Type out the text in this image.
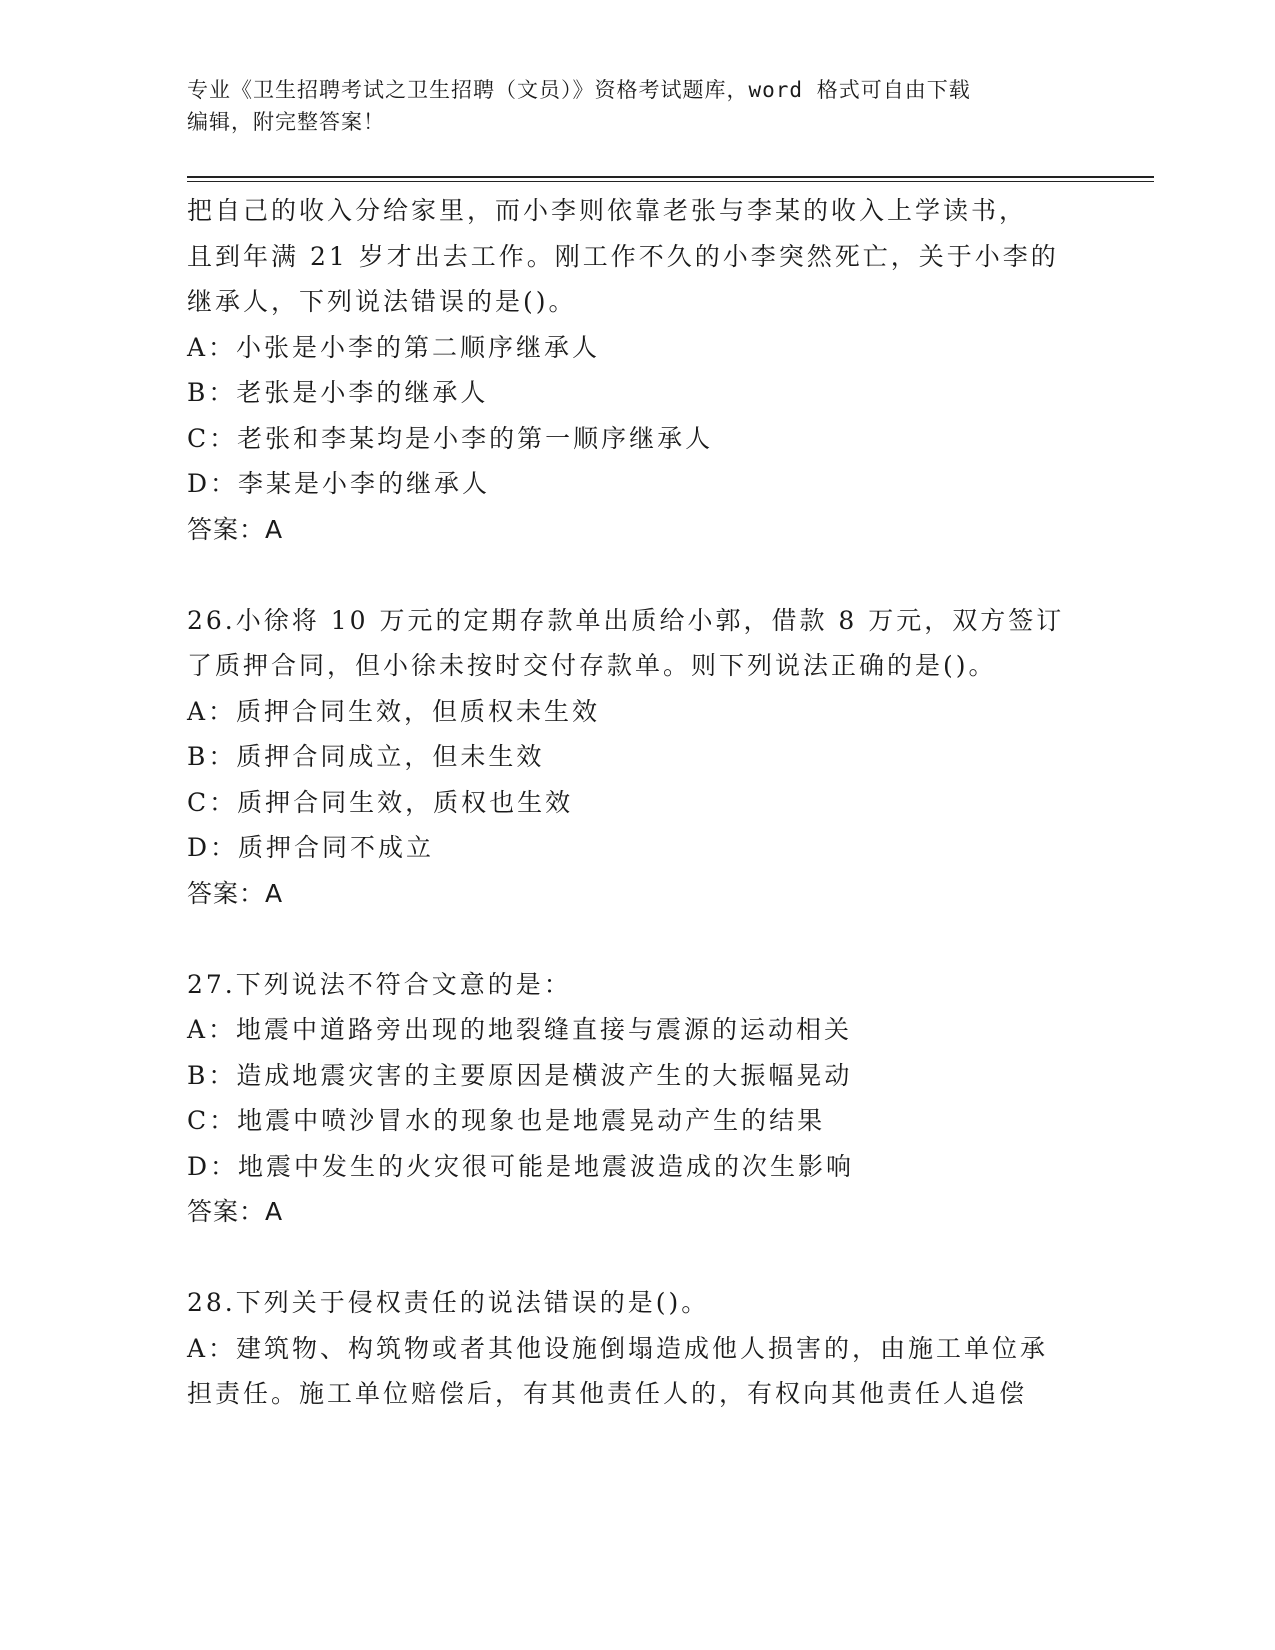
专业《卫生招聘考试之卫生招聘（文员）》资格考试题库，word 格式可自由下载
编辑，附完整答案！
把自己的收入分给家里，而小李则依靠老张与李某的收入上学读书，
且到年满 21 岁才出去工作。刚工作不久的小李突然死亡，关于小李的
继承人，下列说法错误的是()。
A：小张是小李的第二顺序继承人
B：老张是小李的继承人
C：老张和李某均是小李的第一顺序继承人
D：李某是小李的继承人
答案：A
26.小徐将 10 万元的定期存款单出质给小郭，借款 8 万元，双方签订
了质押合同，但小徐未按时交付存款单。则下列说法正确的是()。
A：质押合同生效，但质权未生效
B：质押合同成立，但未生效
C：质押合同生效，质权也生效
D：质押合同不成立
答案：A
27.下列说法不符合文意的是：
A：地震中道路旁出现的地裂缝直接与震源的运动相关
B：造成地震灾害的主要原因是横波产生的大振幅晃动
C：地震中喷沙冒水的现象也是地震晃动产生的结果
D：地震中发生的火灾很可能是地震波造成的次生影响
答案：A
28.下列关于侵权责任的说法错误的是()。
A：建筑物、构筑物或者其他设施倒塌造成他人损害的，由施工单位承
担责任。施工单位赔偿后，有其他责任人的，有权向其他责任人追偿
